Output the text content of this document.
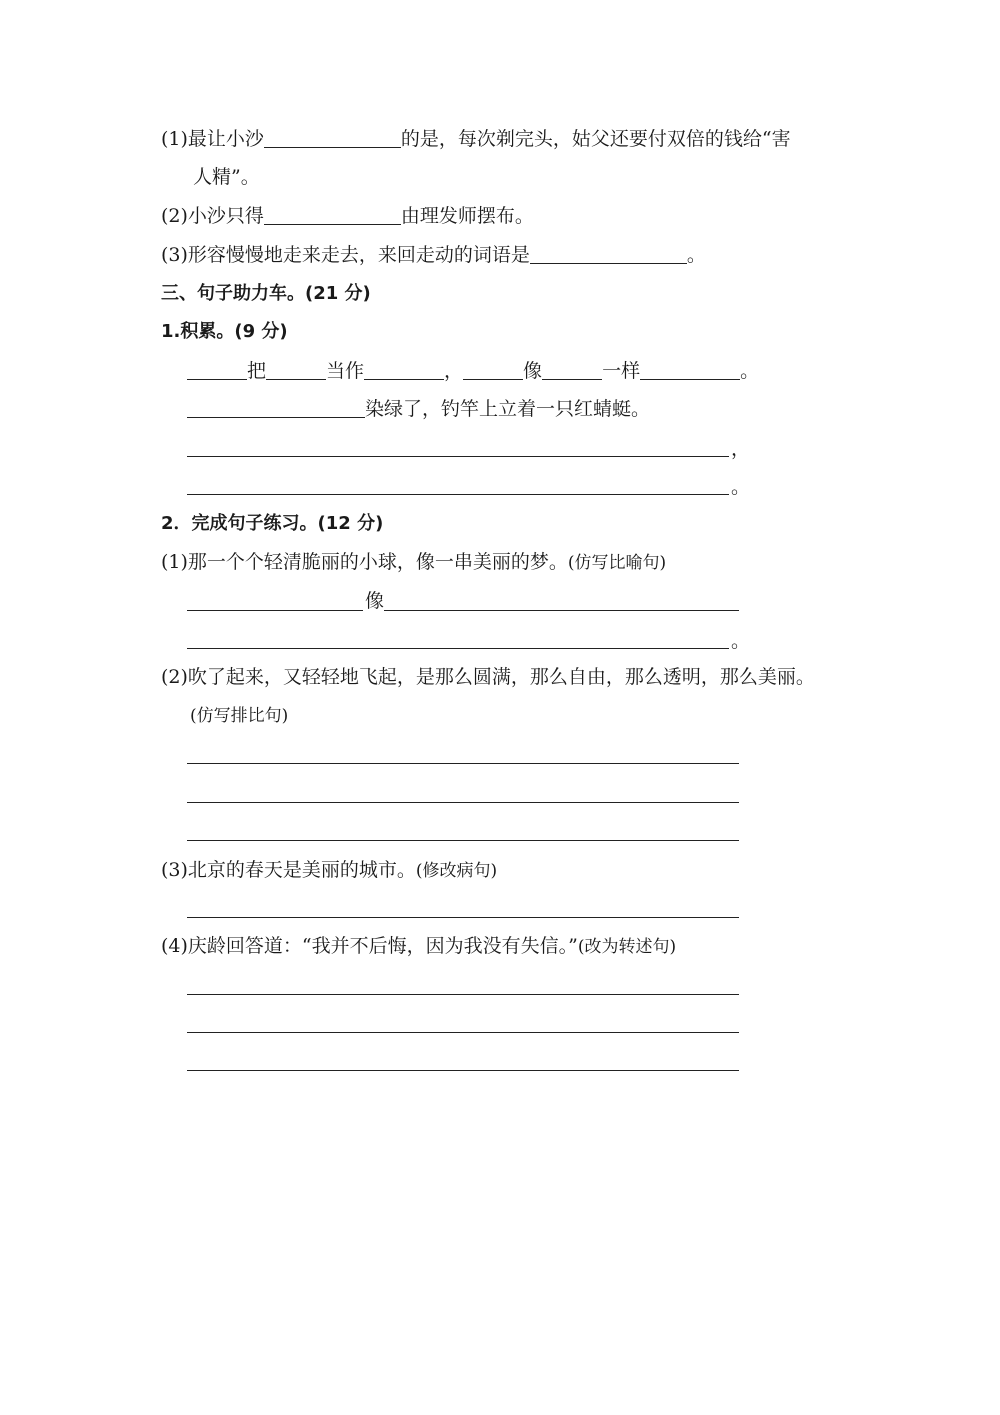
(1)最让小沙	的是，每次剃完头，姑父还要付双倍的钱给“害
人精”。
(2)小沙只得	由理发师摆布。
(3)形容慢慢地走来走去，来回走动的词语是	。
三、句子助力车。(21 分)
1.积累。(9 分)
把	当作	，	像	一样	。
染绿了，钓竿上立着一只红蜻蜓。
，
。
2．完成句子练习。(12 分)
(1)那一个个轻清脆丽的小球，像一串美丽的梦。(仿写比喻句)
像
。
(2)吹了起来，又轻轻地飞起，是那么圆满，那么自由，那么透明，那么美丽。
(仿写排比句)
(3)北京的春天是美丽的城市。(修改病句)
(4)庆龄回答道：“我并不后悔，因为我没有失信。”(改为转述句)
